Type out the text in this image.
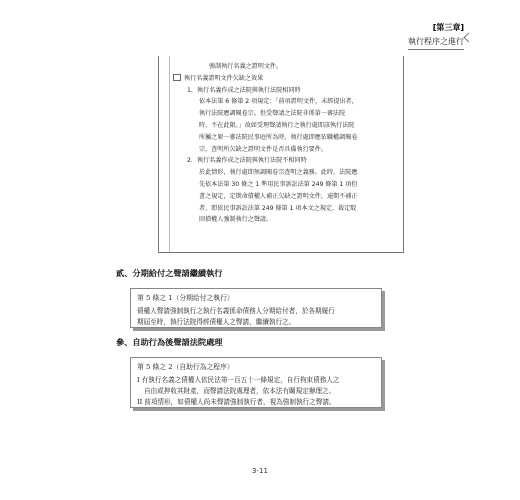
[第三章]
執行程序之進行
強制執行名義之證明文件。
執行名義證明文件欠缺之效果
1. 執行名義作成之法院與執行法院相同時
依本法第 6 條第 2 項規定：「前項證明文件，未經提出者，
執行法院應調閱卷宗。但受聲請之法院非係第一審法院
時，不在此限。」故如受理聲請執行之執行處即該執行法院
所屬之原一審法院民事庭所為時，執行處即應依職權調閱卷
宗，查明所欠缺之證明文件是否具備執行要件。
2. 執行名義作成之法院與執行法院不相同時
於此情形，執行處即無調閱卷宗查明之義務。此時，法院應
先依本法第 30 條之 1 準用民事訴訟法第 249 條第 1 項但
書之規定，定期命債權人補正欠缺之證明文件，逾期不補正
者，即依民事訴訟法第 249 條第 1 項本文之規定，裁定駁
回債權人強制執行之聲請。
貳、分期給付之聲請繼續執行
第 5 條之 1（分期給付之執行）
債權人聲請強制執行之執行名義係命債務人分期給付者，於各期履行
期屆至時，執行法院得經債權人之聲請，繼續執行之。
參、自助行為後聲請法院處理
第 5 條之 2（自助行為之程序）
I 有執行名義之債權人依民法第一百五十一條規定，自行拘束債務人之
自由或押收其財產，而聲請法院處理者，依本法有關規定辦理之。
II 前項情形，如債權人尚未聲請強制執行者，視為強制執行之聲請。
3-11
